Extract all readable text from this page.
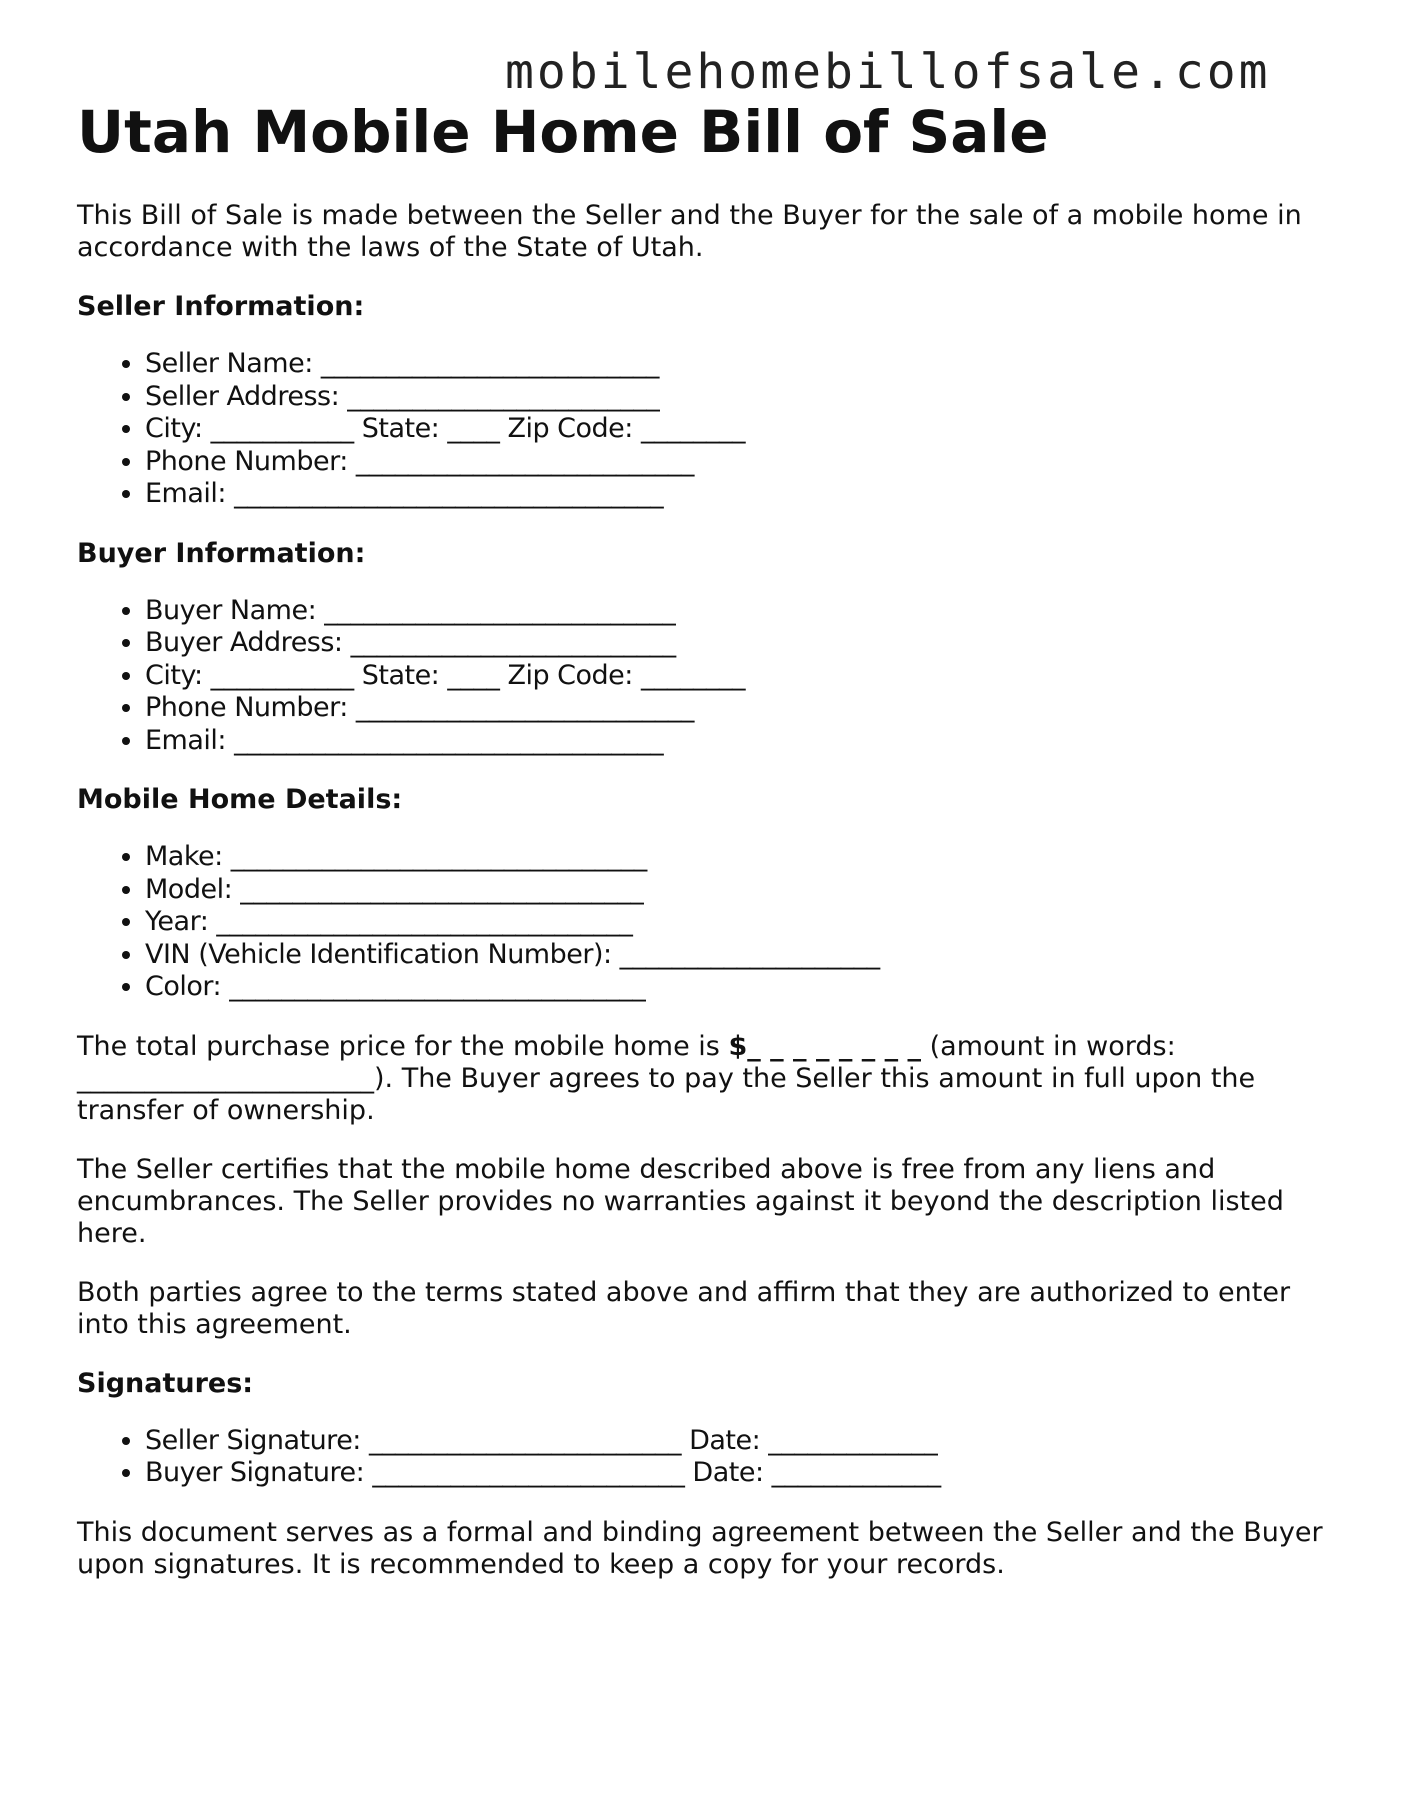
mobilehomebillofsale.com
Utah Mobile Home Bill of Sale

This Bill of Sale is made between the Seller and the Buyer for the sale of a mobile home in accordance with the laws of the State of Utah.

Seller Information:
• Seller Name: __________________________
• Seller Address: ________________________
• City: ___________ State: ____ Zip Code: ________
• Phone Number: __________________________
• Email: _________________________________
Buyer Information:
• Buyer Name: ___________________________
• Buyer Address: _________________________
• City: ___________ State: ____ Zip Code: ________
• Phone Number: __________________________
• Email: _________________________________
Mobile Home Details:
• Make: ________________________________
• Model: _______________________________
• Year: ________________________________
• VIN (Vehicle Identification Number): ____________________
• Color: ________________________________

The total purchase price for the mobile home is $_ _ _ _ _ _ _ _ (amount in words: ______________________). The Buyer agrees to pay the Seller this amount in full upon the transfer of ownership.

The Seller certifies that the mobile home described above is free from any liens and encumbrances. The Seller provides no warranties against it beyond the description listed here.

Both parties agree to the terms stated above and affirm that they are authorized to enter into this agreement.

Signatures:
• Seller Signature: ________________________ Date: _____________
• Buyer Signature: ________________________ Date: _____________

This document serves as a formal and binding agreement between the Seller and the Buyer upon signatures. It is recommended to keep a copy for your records.
